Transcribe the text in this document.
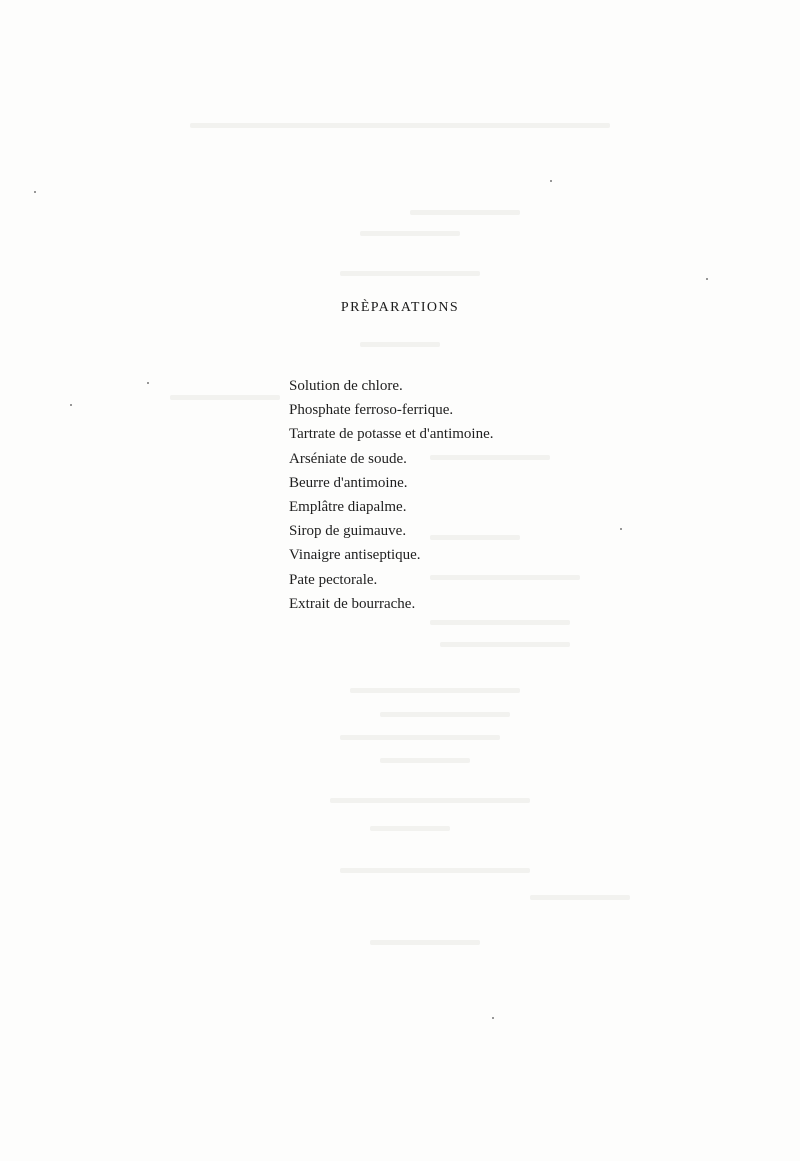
PRÈPARATIONS
Solution de chlore.
Phosphate ferroso-ferrique.
Tartrate de potasse et d'antimoine.
Arséniate de soude.
Beurre d'antimoine.
Emplâtre diapalme.
Sirop de guimauve.
Vinaigre antiseptique.
Pate pectorale.
Extrait de bourrache.
